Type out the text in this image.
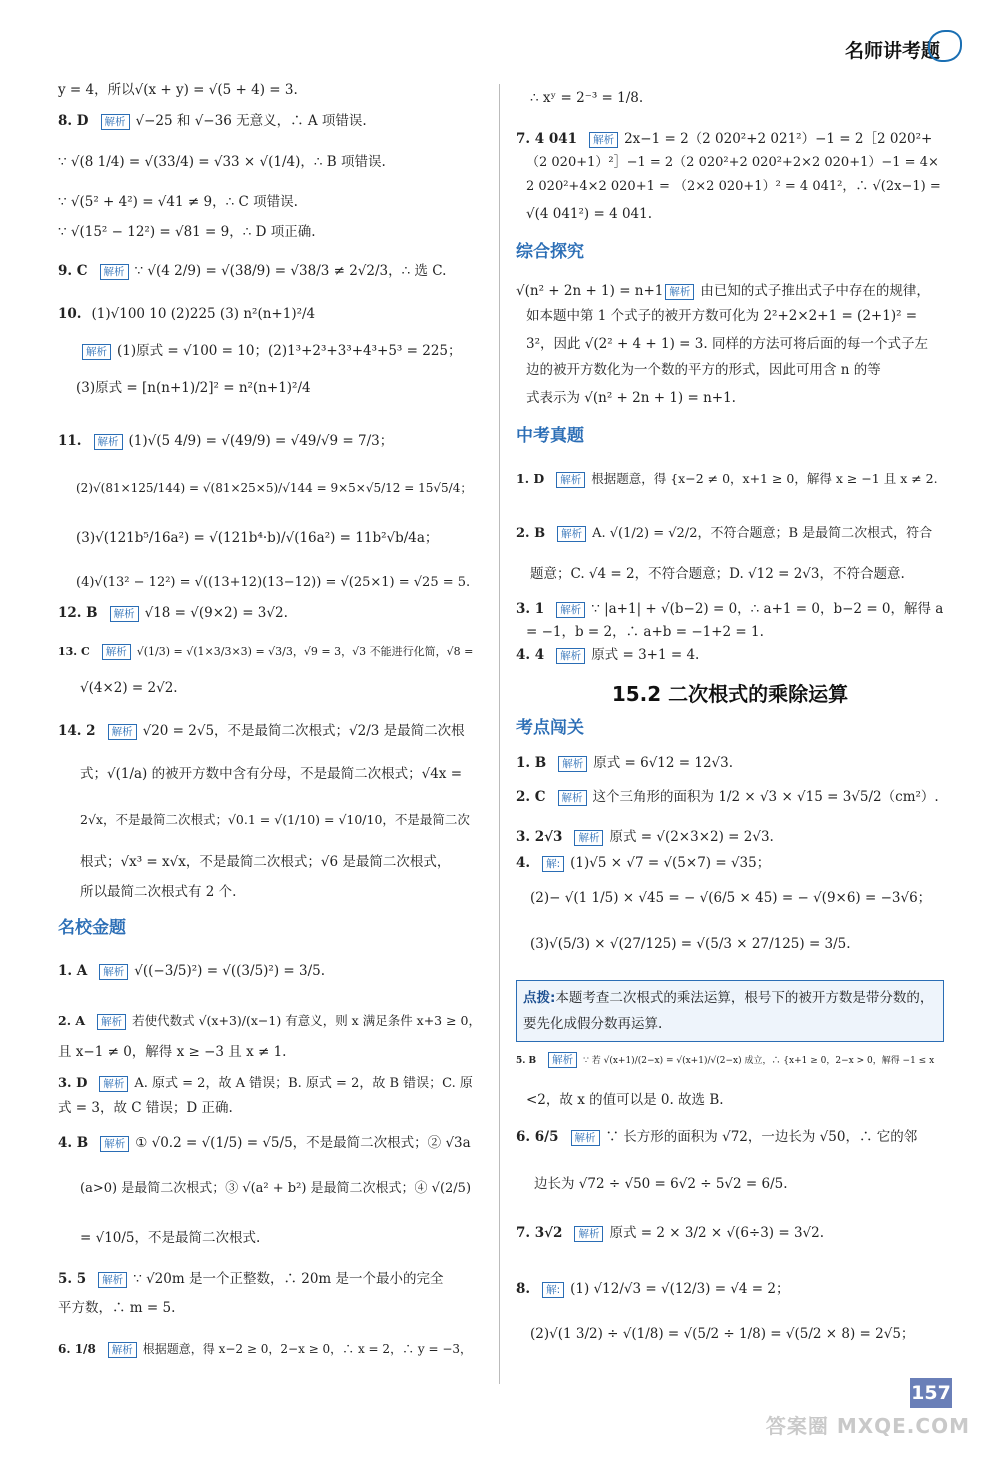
名师讲考题
y = 4，所以√(x + y) = √(5 + 4) = 3.
8. D 解析 √−25 和 √−36 无意义，∴ A 项错误.
∵ √(8 1/4) = √(33/4) = √33 × √(1/4)，∴ B 项错误.
∵ √(5² + 4²) = √41 ≠ 9，∴ C 项错误.
∵ √(15² − 12²) = √81 = 9，∴ D 项正确.
9. C 解析 ∵ √(4 2/9) = √(38/9) = √38/3 ≠ 2√2/3，∴ 选 C.
10. (1)√100 10 (2)225 (3) n²(n+1)²/4
解析 (1)原式 = √100 = 10；(2)1³+2³+3³+4³+5³ = 225；
(3)原式 = [n(n+1)/2]² = n²(n+1)²/4
11. 解析 (1)√(5 4/9) = √(49/9) = √49/√9 = 7/3；
(2)√(81×125/144) = √(81×25×5)/√144 = 9×5×√5/12 = 15√5/4；
(3)√(121b⁵/16a²) = √(121b⁴·b)/√(16a²) = 11b²√b/4a；
(4)√(13² − 12²) = √((13+12)(13−12)) = √(25×1) = √25 = 5.
12. B 解析 √18 = √(9×2) = 3√2.
13. C 解析 √(1/3) = √(1×3/3×3) = √3/3，√9 = 3，√3 不能进行化简，√8 =
√(4×2) = 2√2.
14. 2 解析 √20 = 2√5，不是最简二次根式；√2/3 是最简二次根
式；√(1/a) 的被开方数中含有分母，不是最简二次根式；√4x =
2√x，不是最简二次根式；√0.1 = √(1/10) = √10/10，不是最简二次
根式；√x³ = x√x，不是最简二次根式；√6 是最简二次根式，
所以最简二次根式有 2 个.
名校金题
1. A 解析 √((−3/5)²) = √((3/5)²) = 3/5.
2. A 解析 若使代数式 √(x+3)/(x−1) 有意义，则 x 满足条件 x+3 ≥ 0，
且 x−1 ≠ 0，解得 x ≥ −3 且 x ≠ 1.
3. D 解析 A. 原式 = 2，故 A 错误；B. 原式 = 2，故 B 错误；C. 原
式 = 3，故 C 错误；D 正确.
4. B 解析 ① √0.2 = √(1/5) = √5/5，不是最简二次根式；② √3a
(a>0) 是最简二次根式；③ √(a² + b²) 是最简二次根式；④ √(2/5)
= √10/5，不是最简二次根式.
5. 5 解析 ∵ √20m 是一个正整数，∴ 20m 是一个最小的完全
平方数，∴ m = 5.
6. 1/8 解析 根据题意，得 x−2 ≥ 0，2−x ≥ 0，∴ x = 2，∴ y = −3，
∴ xʸ = 2⁻³ = 1/8.
7. 4 041 解析 2x−1 = 2（2 020²+2 021²）−1 = 2［2 020²+
（2 020+1）²］−1 = 2（2 020²+2 020²+2×2 020+1）−1 = 4×
2 020²+4×2 020+1 = （2×2 020+1）² = 4 041²，∴ √(2x−1) =
√(4 041²) = 4 041.
综合探究
√(n² + 2n + 1) = n+1 解析 由已知的式子推出式子中存在的规律，
如本题中第 1 个式子的被开方数可化为 2²+2×2+1 = (2+1)² =
3²，因此 √(2² + 4 + 1) = 3. 同样的方法可将后面的每一个式子左
边的被开方数化为一个数的平方的形式，因此可用含 n 的等
式表示为 √(n² + 2n + 1) = n+1.
中考真题
1. D 解析 根据题意，得 {x−2 ≠ 0，x+1 ≥ 0，解得 x ≥ −1 且 x ≠ 2.
2. B 解析 A. √(1/2) = √2/2，不符合题意；B 是最简二次根式，符合
题意；C. √4 = 2，不符合题意；D. √12 = 2√3，不符合题意.
3. 1 解析 ∵ |a+1| + √(b−2) = 0，∴ a+1 = 0，b−2 = 0，解得 a
= −1，b = 2，∴ a+b = −1+2 = 1.
4. 4 解析 原式 = 3+1 = 4.
15.2 二次根式的乘除运算
考点闯关
1. B 解析 原式 = 6√12 = 12√3.
2. C 解析 这个三角形的面积为 1/2 × √3 × √15 = 3√5/2（cm²）.
3. 2√3 解析 原式 = √(2×3×2) = 2√3.
4. 解: (1)√5 × √7 = √(5×7) = √35；
(2)− √(1 1/5) × √45 = − √(6/5 × 45) = − √(9×6) = −3√6；
(3)√(5/3) × √(27/125) = √(5/3 × 27/125) = 3/5.
点拨:本题考查二次根式的乘法运算，根号下的被开方数是带分数的，要先化成假分数再运算.
5. B 解析 ∵ 若 √(x+1)/(2−x) = √(x+1)/√(2−x) 成立，∴ {x+1 ≥ 0，2−x > 0，解得 −1 ≤ x
<2，故 x 的值可以是 0. 故选 B.
6. 6/5 解析 ∵ 长方形的面积为 √72，一边长为 √50，∴ 它的邻
边长为 √72 ÷ √50 = 6√2 ÷ 5√2 = 6/5.
7. 3√2 解析 原式 = 2 × 3/2 × √(6÷3) = 3√2.
8. 解: (1) √12/√3 = √(12/3) = √4 = 2；
(2)√(1 3/2) ÷ √(1/8) = √(5/2 ÷ 1/8) = √(5/2 × 8) = 2√5；
157
答案圈 MXQE.COM
